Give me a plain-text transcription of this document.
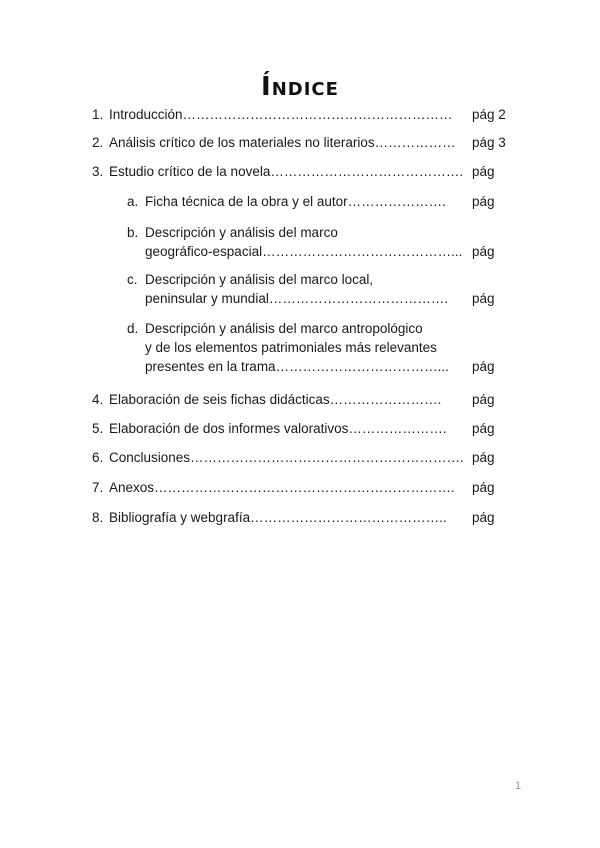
Índice
1. Introducción…………………………………………………… pág 2
2. Análisis crítico de los materiales no literarios……………… pág 3
3. Estudio crítico de la novela……………………………………. pág
a. Ficha técnica de la obra y el autor…………………. pág
b. Descripción y análisis del marco
geográfico-espacial……………………………………... pág
c. Descripción y análisis del marco local,
peninsular y mundial…………………………………. pág
d. Descripción y análisis del marco antropológico
y de los elementos patrimoniales más relevantes
presentes en la trama………………………………... pág
4. Elaboración de seis fichas didácticas……………………. pág
5. Elaboración de dos informes valorativos…………………. pág
6. Conclusiones……………………………………………………. pág
7. Anexos…………………………………………………………. pág
8. Bibliografía y webgrafía…………………………………….. pág
1
